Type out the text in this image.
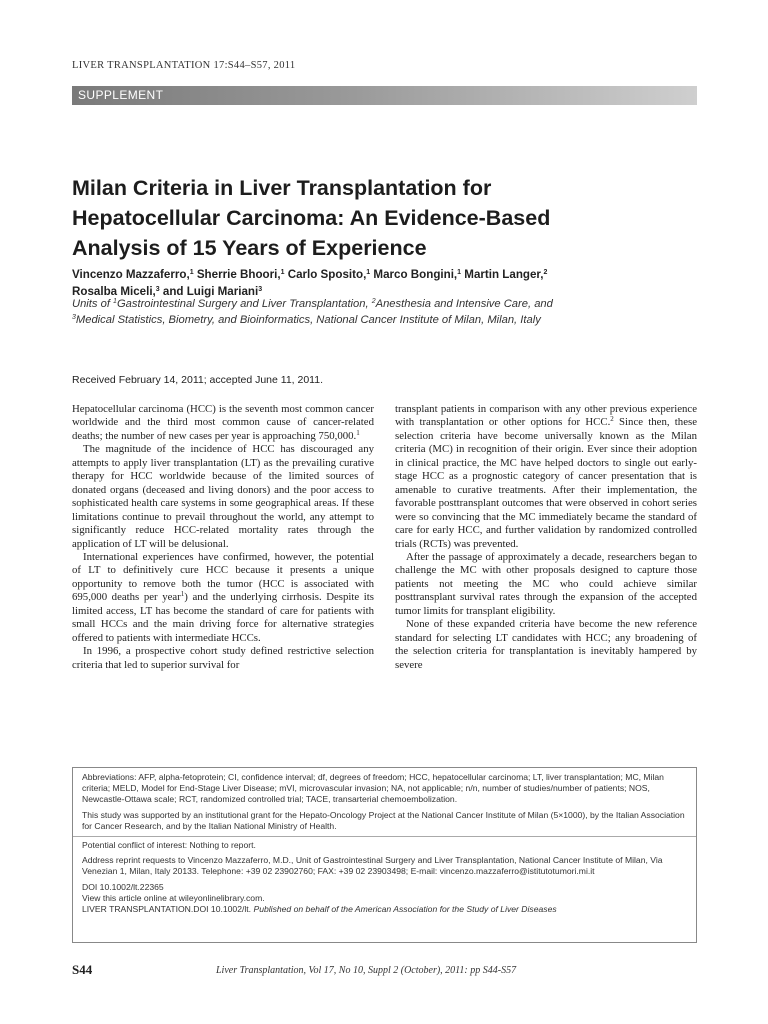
LIVER TRANSPLANTATION 17:S44–S57, 2011
SUPPLEMENT
Milan Criteria in Liver Transplantation for
Hepatocellular Carcinoma: An Evidence-Based
Analysis of 15 Years of Experience
Vincenzo Mazzaferro,$^1$ Sherrie Bhoori,$^1$ Carlo Sposito,$^1$ Marco Bongini,$^1$ Martin Langer,$^2$
Rosalba Miceli,$^3$ and Luigi Mariani$^3$
Units of $^1$Gastrointestinal Surgery and Liver Transplantation, $^2$Anesthesia and Intensive Care, and
$^3$Medical Statistics, Biometry, and Bioinformatics, National Cancer Institute of Milan, Milan, Italy
Received February 14, 2011; accepted June 11, 2011.

Hepatocellular carcinoma (HCC) is the seventh most common cancer worldwide and the third most common cause of cancer-related deaths; the number of new cases per year is approaching 750,000.$^1$

The magnitude of the incidence of HCC has discouraged any attempts to apply liver transplantation (LT) as the prevailing curative therapy for HCC worldwide because of the limited sources of donated organs (deceased and living donors) and the poor access to sophisticated health care systems in some geographical areas. If these limitations continue to prevail throughout the world, any attempt to significantly reduce HCC-related mortality rates through the application of LT will be delusional.

International experiences have confirmed, however, the potential of LT to definitively cure HCC because it presents a unique opportunity to remove both the tumor (HCC is associated with 695,000 deaths per year$^1$) and the underlying cirrhosis. Despite its limited access, LT has become the standard of care for patients with small HCCs and the main driving force for alternative strategies offered to patients with intermediate HCCs.

In 1996, a prospective cohort study defined restrictive selection criteria that led to superior survival for

transplant patients in comparison with any other previous experience with transplantation or other options for HCC.$^2$ Since then, these selection criteria have become universally known as the Milan criteria (MC) in recognition of their origin. Ever since their adoption in clinical practice, the MC have helped doctors to single out early-stage HCC as a prognostic category of cancer presentation that is amenable to curative treatments. After their implementation, the favorable posttransplant outcomes that were observed in cohort series were so convincing that the MC immediately became the standard of care for early HCC, and further validation by randomized controlled trials (RCTs) was prevented.

After the passage of approximately a decade, researchers began to challenge the MC with other proposals designed to capture those patients not meeting the MC who could achieve similar posttransplant survival rates through the expansion of the accepted tumor limits for transplant eligibility.

None of these expanded criteria have become the new reference standard for selecting LT candidates with HCC; any broadening of the selection criteria for transplantation is inevitably hampered by severe

Abbreviations: AFP, alpha-fetoprotein; CI, confidence interval; df, degrees of freedom; HCC, hepatocellular carcinoma; LT, liver transplantation; MC, Milan criteria; MELD, Model for End-Stage Liver Disease; mVI, microvascular invasion; NA, not applicable; n/n, number of studies/number of patients; NOS, Newcastle-Ottawa scale; RCT, randomized controlled trial; TACE, transarterial chemoembolization.

This study was supported by an institutional grant for the Hepato-Oncology Project at the National Cancer Institute of Milan (5×1000), by the Italian Association for Cancer Research, and by the Italian National Ministry of Health.

Potential conflict of interest: Nothing to report.

Address reprint requests to Vincenzo Mazzaferro, M.D., Unit of Gastrointestinal Surgery and Liver Transplantation, National Cancer Institute of Milan, Via Venezian 1, Milan, Italy 20133. Telephone: +39 02 23902760; FAX: +39 02 23903498; E-mail: vincenzo.mazzaferro@istitutotumori.mi.it

DOI 10.1002/lt.22365

View this article online at wileyonlinelibrary.com.

LIVER TRANSPLANTATION.DOI 10.1002/lt. Published on behalf of the American Association for the Study of Liver Diseases

S44	Liver Transplantation, Vol 17, No 10, Suppl 2 (October), 2011: pp S44-S57
